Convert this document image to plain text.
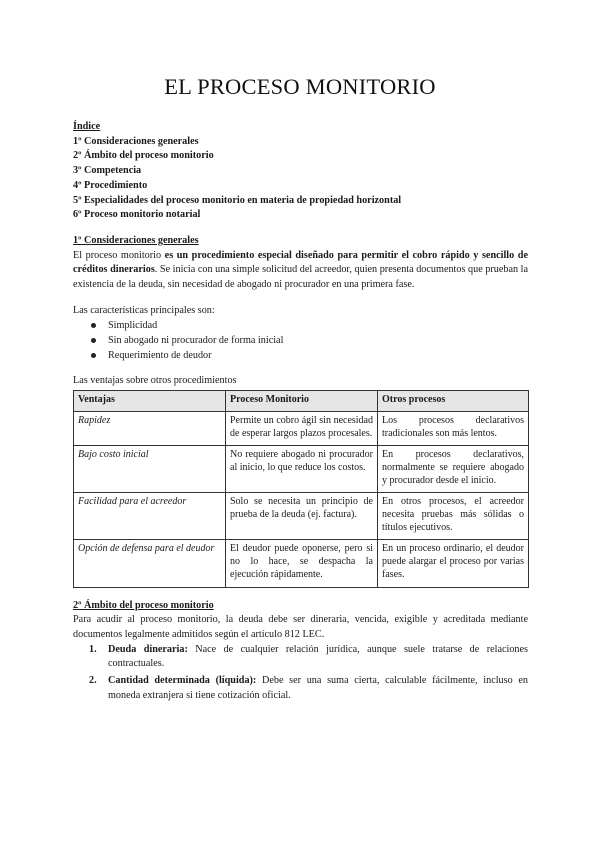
EL PROCESO MONITORIO
Índice
1º Consideraciones generales
2º Ámbito del proceso monitorio
3º Competencia
4º Procedimiento
5º Especialidades del proceso monitorio en materia de propiedad horizontal
6º Proceso monitorio notarial
1º Consideraciones generales
El proceso monitorio es un procedimiento especial diseñado para permitir el cobro rápido y sencillo de créditos dinerarios. Se inicia con una simple solicitud del acreedor, quien presenta documentos que prueban la existencia de la deuda, sin necesidad de abogado ni procurador en una primera fase.
Las características principales son:
Simplicidad
Sin abogado ni procurador de forma inicial
Requerimiento de deudor
Las ventajas sobre otros procedimientos
Ventajas	Proceso Monitorio	Otros procesos
Rapidez	Permite un cobro ágil sin necesidad de esperar largos plazos procesales.	Los procesos declarativos tradicionales son más lentos.
Bajo costo inicial	No requiere abogado ni procurador al inicio, lo que reduce los costos.	En procesos declarativos, normalmente se requiere abogado y procurador desde el inicio.
Facilidad para el acreedor	Solo se necesita un principio de prueba de la deuda (ej. factura).	En otros procesos, el acreedor necesita pruebas más sólidas o títulos ejecutivos.
Opción de defensa para el deudor	El deudor puede oponerse, pero si no lo hace, se despacha la ejecución rápidamente.	En un proceso ordinario, el deudor puede alargar el proceso por varias fases.
2º Ámbito del proceso monitorio
Para acudir al proceso monitorio, la deuda debe ser dineraria, vencida, exigible y acreditada mediante documentos legalmente admitidos según el artículo 812 LEC.
1. Deuda dineraria: Nace de cualquier relación jurídica, aunque suele tratarse de relaciones contractuales.
2. Cantidad determinada (líquida): Debe ser una suma cierta, calculable fácilmente, incluso en moneda extranjera si tiene cotización oficial.
